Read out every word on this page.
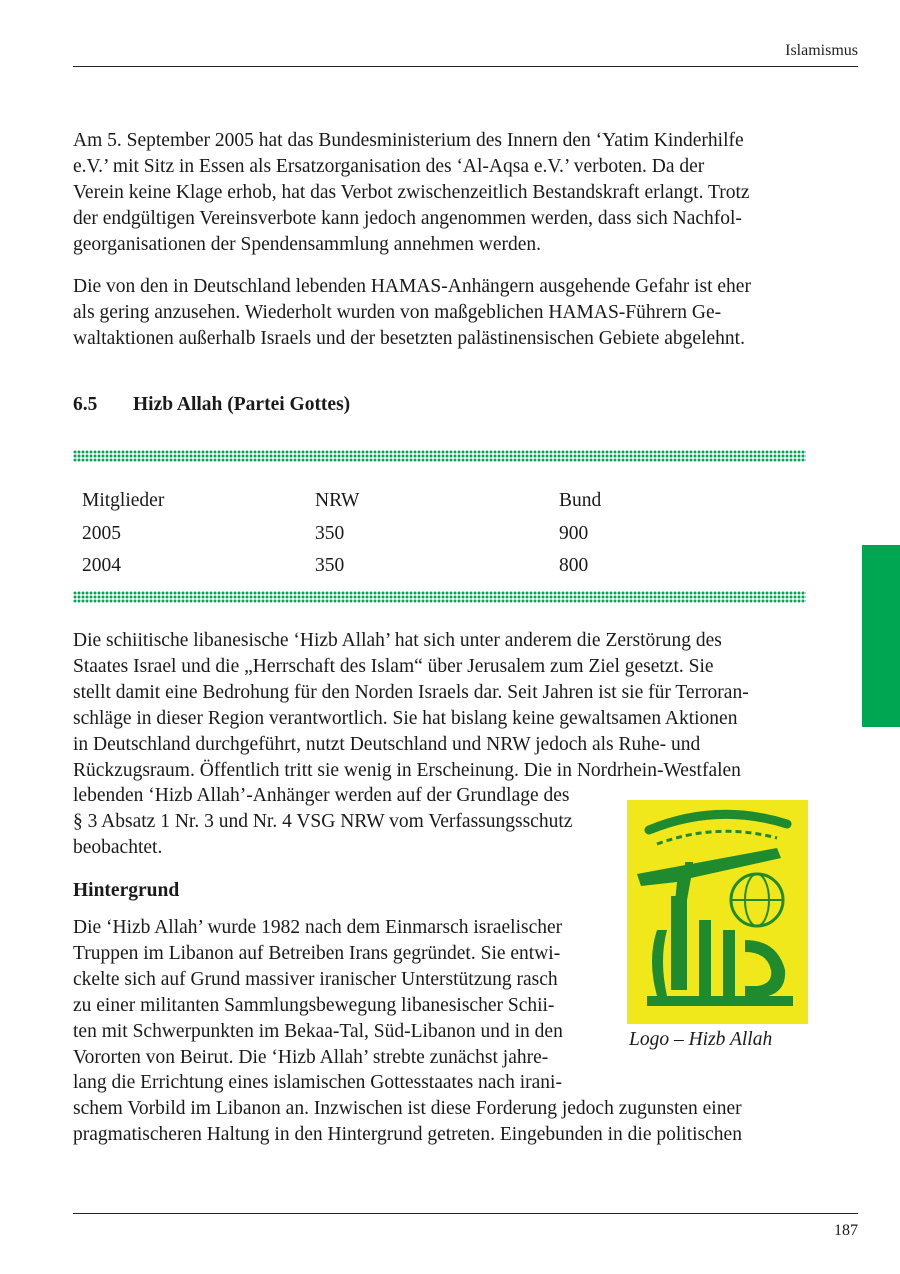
Islamismus

Am 5. September 2005 hat das Bundesministerium des Innern den ‘Yatim Kinderhilfe
e.V.’ mit Sitz in Essen als Ersatzorganisation des ‘Al-Aqsa e.V.’ verboten. Da der
Verein keine Klage erhob, hat das Verbot zwischenzeitlich Bestandskraft erlangt. Trotz
der endgültigen Vereinsverbote kann jedoch angenommen werden, dass sich Nachfol-
georganisationen der Spendensammlung annehmen werden.

Die von den in Deutschland lebenden HAMAS-Anhängern ausgehende Gefahr ist eher
als gering anzusehen. Wiederholt wurden von maßgeblichen HAMAS-Führern Ge-
waltaktionen außerhalb Israels und der besetzten palästinensischen Gebiete abgelehnt.

6.5 Hizb Allah (Partei Gottes)
Mitglieder	NRW	Bund
2005	350	900
2004	350	800

Die schiitische libanesische ‘Hizb Allah’ hat sich unter anderem die Zerstörung des
Staates Israel und die „Herrschaft des Islam“ über Jerusalem zum Ziel gesetzt. Sie
stellt damit eine Bedrohung für den Norden Israels dar. Seit Jahren ist sie für Terroran-
schläge in dieser Region verantwortlich. Sie hat bislang keine gewaltsamen Aktionen
in Deutschland durchgeführt, nutzt Deutschland und NRW jedoch als Ruhe- und
Rückzugsraum. Öffentlich tritt sie wenig in Erscheinung. Die in Nordrhein-Westfalen
lebenden ‘Hizb Allah’-Anhänger werden auf der Grundlage des
§ 3 Absatz 1 Nr. 3 und Nr. 4 VSG NRW vom Verfassungsschutz
beobachtet.

Hintergrund

Die ‘Hizb Allah’ wurde 1982 nach dem Einmarsch israelischer
Truppen im Libanon auf Betreiben Irans gegründet. Sie entwi-
ckelte sich auf Grund massiver iranischer Unterstützung rasch
zu einer militanten Sammlungsbewegung libanesischer Schii-
ten mit Schwerpunkten im Bekaa-Tal, Süd-Libanon und in den
Vororten von Beirut. Die ‘Hizb Allah’ strebte zunächst jahre-
lang die Errichtung eines islamischen Gottesstaates nach irani-
schem Vorbild im Libanon an. Inzwischen ist diese Forderung jedoch zugunsten einer
pragmatischeren Haltung in den Hintergrund getreten. Eingebunden in die politischen

Logo – Hizb Allah
187
